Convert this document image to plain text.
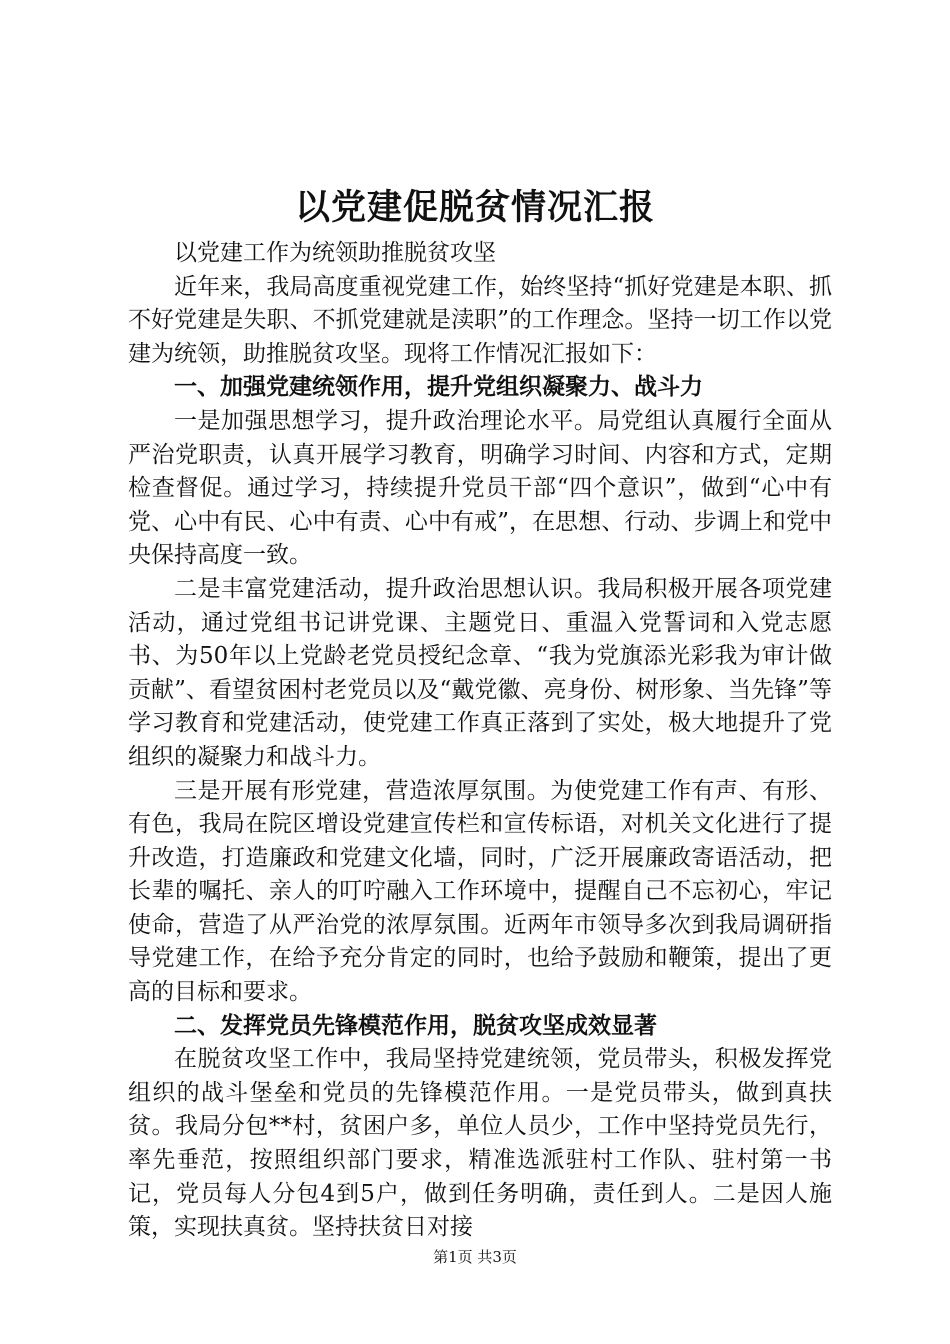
以党建促脱贫情况汇报

以党建工作为统领助推脱贫攻坚

近年来，我局高度重视党建工作，始终坚持“抓好党建是本职、抓不好党建是失职、不抓党建就是渎职”的工作理念。坚持一切工作以党建为统领，助推脱贫攻坚。现将工作情况汇报如下：

一、加强党建统领作用，提升党组织凝聚力、战斗力

一是加强思想学习，提升政治理论水平。局党组认真履行全面从严治党职责，认真开展学习教育，明确学习时间、内容和方式，定期检查督促。通过学习，持续提升党员干部“四个意识”，做到“心中有党、心中有民、心中有责、心中有戒”，在思想、行动、步调上和党中央保持高度一致。

二是丰富党建活动，提升政治思想认识。我局积极开展各项党建活动，通过党组书记讲党课、主题党日、重温入党誓词和入党志愿书、为50年以上党龄老党员授纪念章、“我为党旗添光彩我为审计做贡献”、看望贫困村老党员以及“戴党徽、亮身份、树形象、当先锋”等学习教育和党建活动，使党建工作真正落到了实处，极大地提升了党组织的凝聚力和战斗力。

三是开展有形党建，营造浓厚氛围。为使党建工作有声、有形、有色，我局在院区增设党建宣传栏和宣传标语，对机关文化进行了提升改造，打造廉政和党建文化墙，同时，广泛开展廉政寄语活动，把长辈的嘱托、亲人的叮咛融入工作环境中，提醒自己不忘初心，牢记使命，营造了从严治党的浓厚氛围。近两年市领导多次到我局调研指导党建工作，在给予充分肯定的同时，也给予鼓励和鞭策，提出了更高的目标和要求。

二、发挥党员先锋模范作用，脱贫攻坚成效显著

在脱贫攻坚工作中，我局坚持党建统领，党员带头，积极发挥党组织的战斗堡垒和党员的先锋模范作用。一是党员带头，做到真扶贫。我局分包**村，贫困户多，单位人员少，工作中坚持党员先行，率先垂范，按照组织部门要求，精准选派驻村工作队、驻村第一书记，党员每人分包4到5户，做到任务明确，责任到人。二是因人施策，实现扶真贫。坚持扶贫日对接

第1页 共3页
